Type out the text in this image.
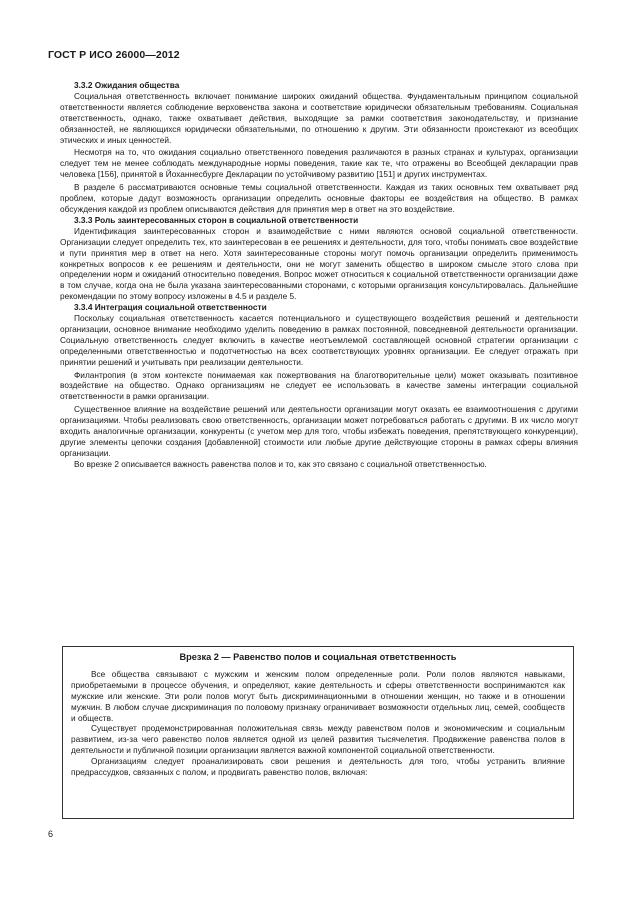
ГОСТ Р ИСО 26000—2012

3.3.2 Ожидания общества

Социальная ответственность включает понимание широких ожиданий общества. Фундаментальным принципом социальной ответственности является соблюдение верховенства закона и соответствие юридически обязательным требованиям. Социальная ответственность, однако, также охватывает действия, выходящие за рамки соответствия законодательству, и признание обязанностей, не являющихся юридически обязательными, по отношению к другим. Эти обязанности проистекают из всеобщих этических и иных ценностей.

Несмотря на то, что ожидания социально ответственного поведения различаются в разных странах и культурах, организации следует тем не менее соблюдать международные нормы поведения, такие как те, что отражены во Всеобщей декларации прав человека [156], принятой в Йоханнесбурге Декларации по устойчивому развитию [151] и других инструментах.

В разделе 6 рассматриваются основные темы социальной ответственности. Каждая из таких основных тем охватывает ряд проблем, которые дадут возможность организации определить основные факторы ее воздействия на общество. В рамках обсуждения каждой из проблем описываются действия для принятия мер в ответ на это воздействие.

3.3.3 Роль заинтересованных сторон в социальной ответственности

Идентификация заинтересованных сторон и взаимодействие с ними являются основой социальной ответственности. Организации следует определить тех, кто заинтересован в ее решениях и деятельности, для того, чтобы понимать свое воздействие и пути принятия мер в ответ на него. Хотя заинтересованные стороны могут помочь организации определить применимость конкретных вопросов к ее решениям и деятельности, они не могут заменить общество в широком смысле этого слова при определении норм и ожиданий относительно поведения. Вопрос может относиться к социальной ответственности организации даже в том случае, когда она не была указана заинтересованными сторонами, с которыми организация консультировалась. Дальнейшие рекомендации по этому вопросу изложены в 4.5 и разделе 5.

3.3.4 Интеграция социальной ответственности

Поскольку социальная ответственность касается потенциального и существующего воздействия решений и деятельности организации, основное внимание необходимо уделить поведению в рамках постоянной, повседневной деятельности организации. Социальную ответственность следует включить в качестве неотъемлемой составляющей основной стратегии организации с определенными ответственностью и подотчетностью на всех соответствующих уровнях организации. Ее следует отражать при принятии решений и учитывать при реализации деятельности.

Филантропия (в этом контексте понимаемая как пожертвования на благотворительные цели) может оказывать позитивное воздействие на общество. Однако организациям не следует ее использовать в качестве замены интеграции социальной ответственности в рамки организации.

Существенное влияние на воздействие решений или деятельности организации могут оказать ее взаимоотношения с другими организациями. Чтобы реализовать свою ответственность, организации может потребоваться работать с другими. В их число могут входить аналогичные организации, конкуренты (с учетом мер для того, чтобы избежать поведения, препятствующего конкуренции), другие элементы цепочки создания [добавленной] стоимости или любые другие действующие стороны в рамках сферы влияния организации.

Во врезке 2 описывается важность равенства полов и то, как это связано с социальной ответственностью.

Врезка 2 — Равенство полов и социальная ответственность

Все общества связывают с мужским и женским полом определенные роли. Роли полов являются навыками, приобретаемыми в процессе обучения, и определяют, какие деятельность и сферы ответственности воспринимаются как мужские или женские. Эти роли полов могут быть дискриминационными в отношении женщин, но также и в отношении мужчин. В любом случае дискриминация по половому признаку ограничивает возможности отдельных лиц, семей, сообществ и обществ.

Существует продемонстрированная положительная связь между равенством полов и экономическим и социальным развитием, из-за чего равенство полов является одной из целей развития тысячелетия. Продвижение равенства полов в деятельности и публичной позиции организации является важной компонентой социальной ответственности.

Организациям следует проанализировать свои решения и деятельность для того, чтобы устранить влияние предрассудков, связанных с полом, и продвигать равенство полов, включая:

6
